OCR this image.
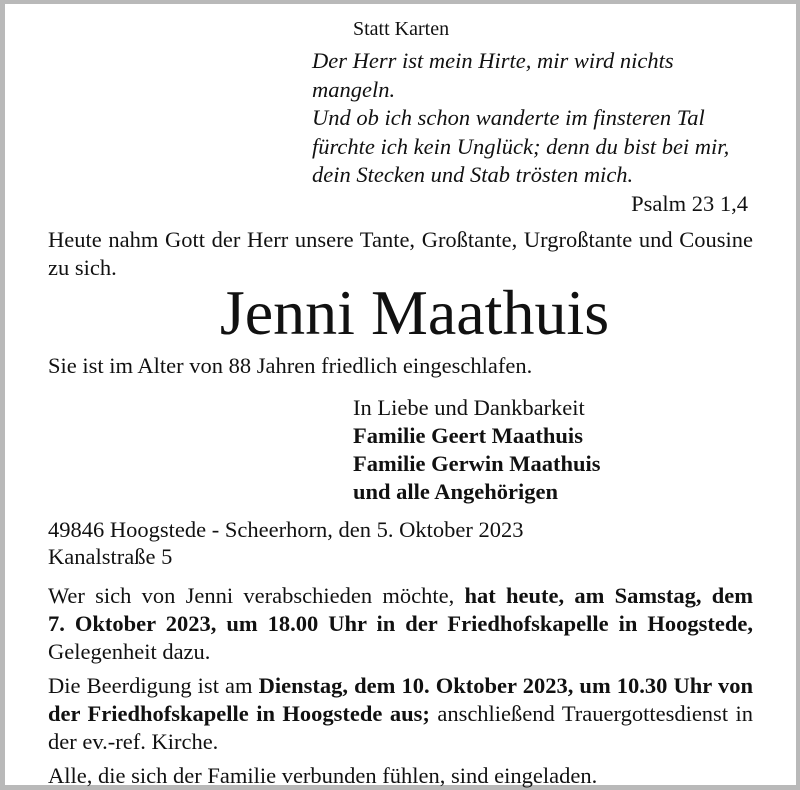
Statt Karten
Der Herr ist mein Hirte, mir wird nichts mangeln.
Und ob ich schon wanderte im finsteren Tal
fürchte ich kein Unglück; denn du bist bei mir,
dein Stecken und Stab trösten mich.
Psalm 23 1,4
Heute nahm Gott der Herr unsere Tante, Großtante, Urgroßtante und Cousine
zu sich.
Jenni Maathuis
Sie ist im Alter von 88 Jahren friedlich eingeschlafen.
In Liebe und Dankbarkeit
Familie Geert Maathuis
Familie Gerwin Maathuis
und alle Angehörigen
49846 Hoogstede - Scheerhorn, den 5. Oktober 2023
Kanalstraße 5
Wer sich von Jenni verabschieden möchte, hat heute, am Samstag, dem
7. Oktober 2023, um 18.00 Uhr in der Friedhofskapelle in Hoogstede,
Gelegenheit dazu.
Die Beerdigung ist am Dienstag, dem 10. Oktober 2023, um 10.30 Uhr von
der Friedhofskapelle in Hoogstede aus; anschließend Trauergottesdienst in
der ev.-ref. Kirche.
Alle, die sich der Familie verbunden fühlen, sind eingeladen.
